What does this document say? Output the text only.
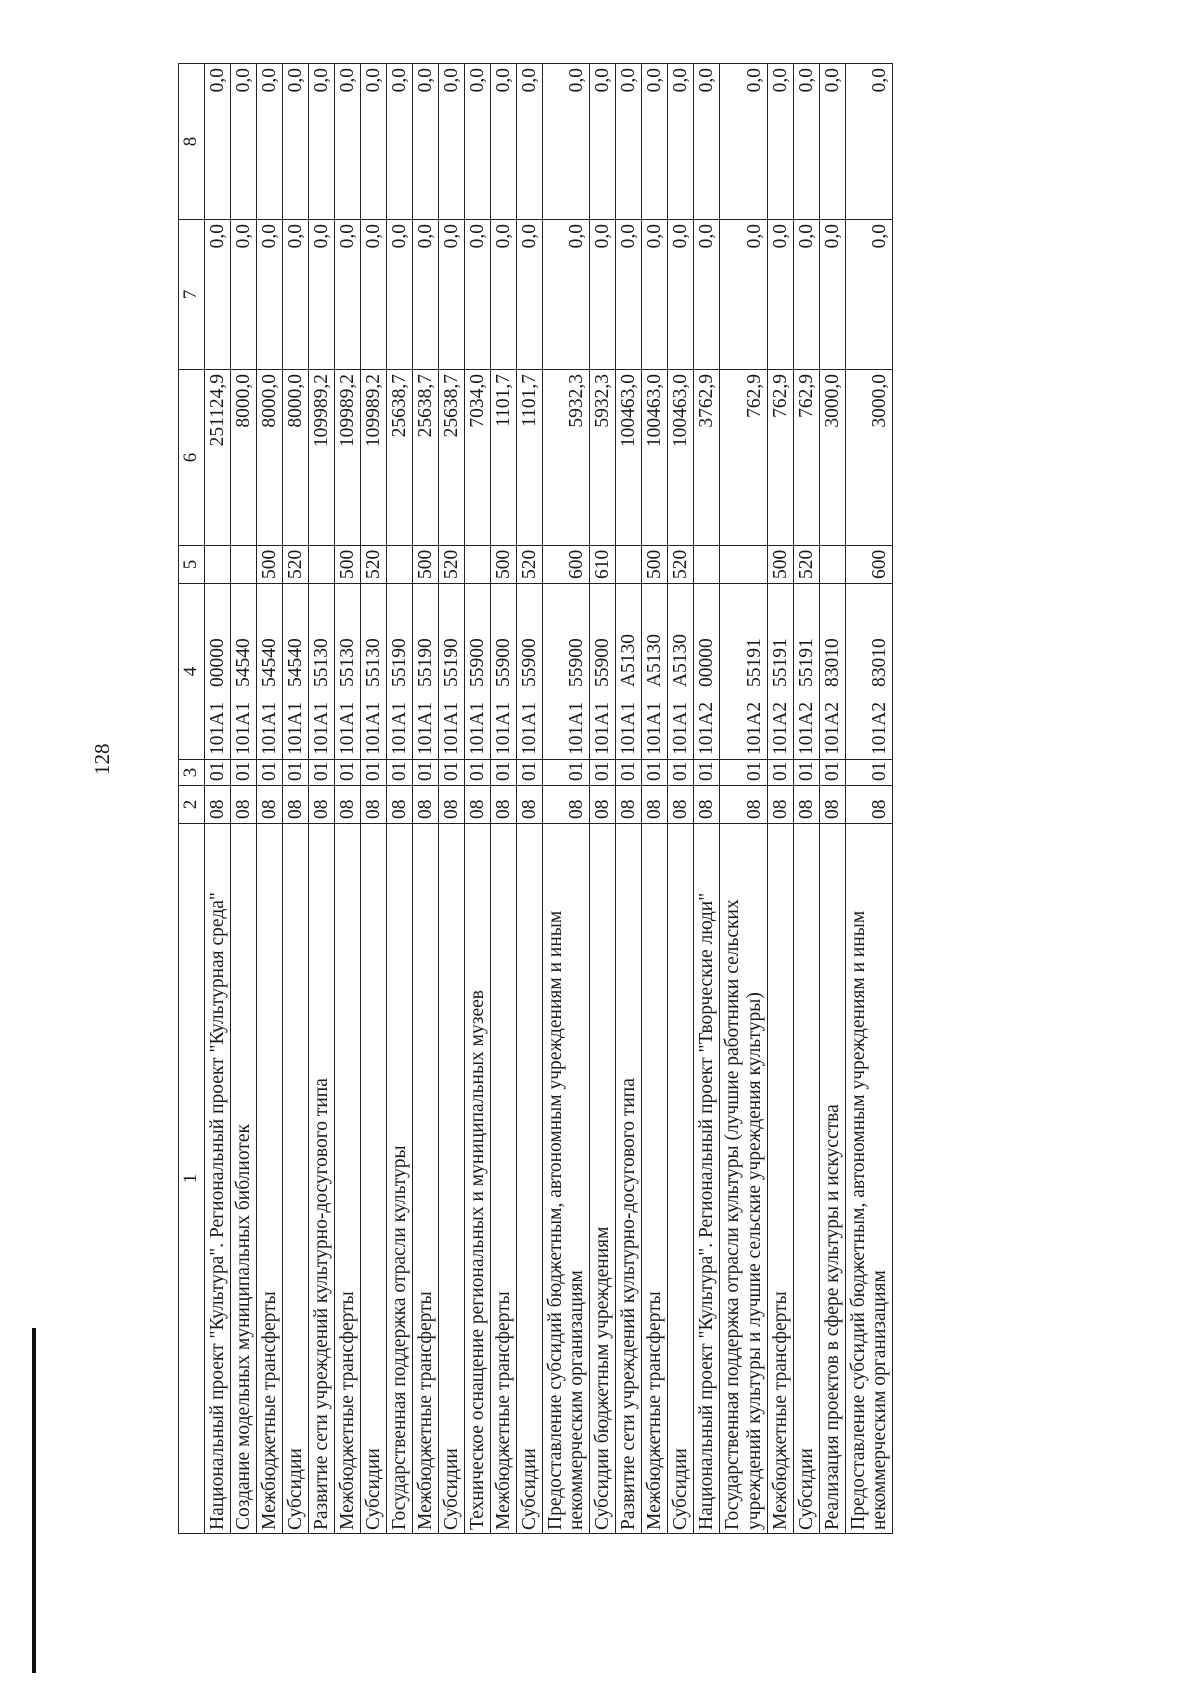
128
1	2	3	4	5	6	7	8
Национальный проект "Культура". Региональный проект "Культурная среда"	08	01	101А1 00000		251124,9	0,0	0,0
Создание модельных муниципальных библиотек	08	01	101А1 54540		8000,0	0,0	0,0
Межбюджетные трансферты	08	01	101А1 54540	500	8000,0	0,0	0,0
Субсидии	08	01	101А1 54540	520	8000,0	0,0	0,0
Развитие сети учреждений культурно-досугового типа	08	01	101А1 55130		109989,2	0,0	0,0
Межбюджетные трансферты	08	01	101А1 55130	500	109989,2	0,0	0,0
Субсидии	08	01	101А1 55130	520	109989,2	0,0	0,0
Государственная поддержка отрасли культуры	08	01	101А1 55190		25638,7	0,0	0,0
Межбюджетные трансферты	08	01	101А1 55190	500	25638,7	0,0	0,0
Субсидии	08	01	101А1 55190	520	25638,7	0,0	0,0
Техническое оснащение региональных и муниципальных музеев	08	01	101А1 55900		7034,0	0,0	0,0
Межбюджетные трансферты	08	01	101А1 55900	500	1101,7	0,0	0,0
Субсидии	08	01	101А1 55900	520	1101,7	0,0	0,0
Предоставление субсидий бюджетным, автономным учреждениям и иным некоммерческим организациям	08	01	101А1 55900	600	5932,3	0,0	0,0
Субсидии бюджетным учреждениям	08	01	101А1 55900	610	5932,3	0,0	0,0
Развитие сети учреждений культурно-досугового типа	08	01	101А1 А5130		100463,0	0,0	0,0
Межбюджетные трансферты	08	01	101А1 А5130	500	100463,0	0,0	0,0
Субсидии	08	01	101А1 А5130	520	100463,0	0,0	0,0
Национальный проект "Культура". Региональный проект "Творческие люди"	08	01	101А2 00000		3762,9	0,0	0,0
Государственная поддержка отрасли культуры (лучшие работники сельских учреждений культуры и лучшие сельские учреждения культуры)	08	01	101А2 55191		762,9	0,0	0,0
Межбюджетные трансферты	08	01	101А2 55191	500	762,9	0,0	0,0
Субсидии	08	01	101А2 55191	520	762,9	0,0	0,0
Реализация проектов в сфере культуры и искусства	08	01	101А2 83010		3000,0	0,0	0,0
Предоставление субсидий бюджетным, автономным учреждениям и иным некоммерческим организациям	08	01	101А2 83010	600	3000,0	0,0	0,0
